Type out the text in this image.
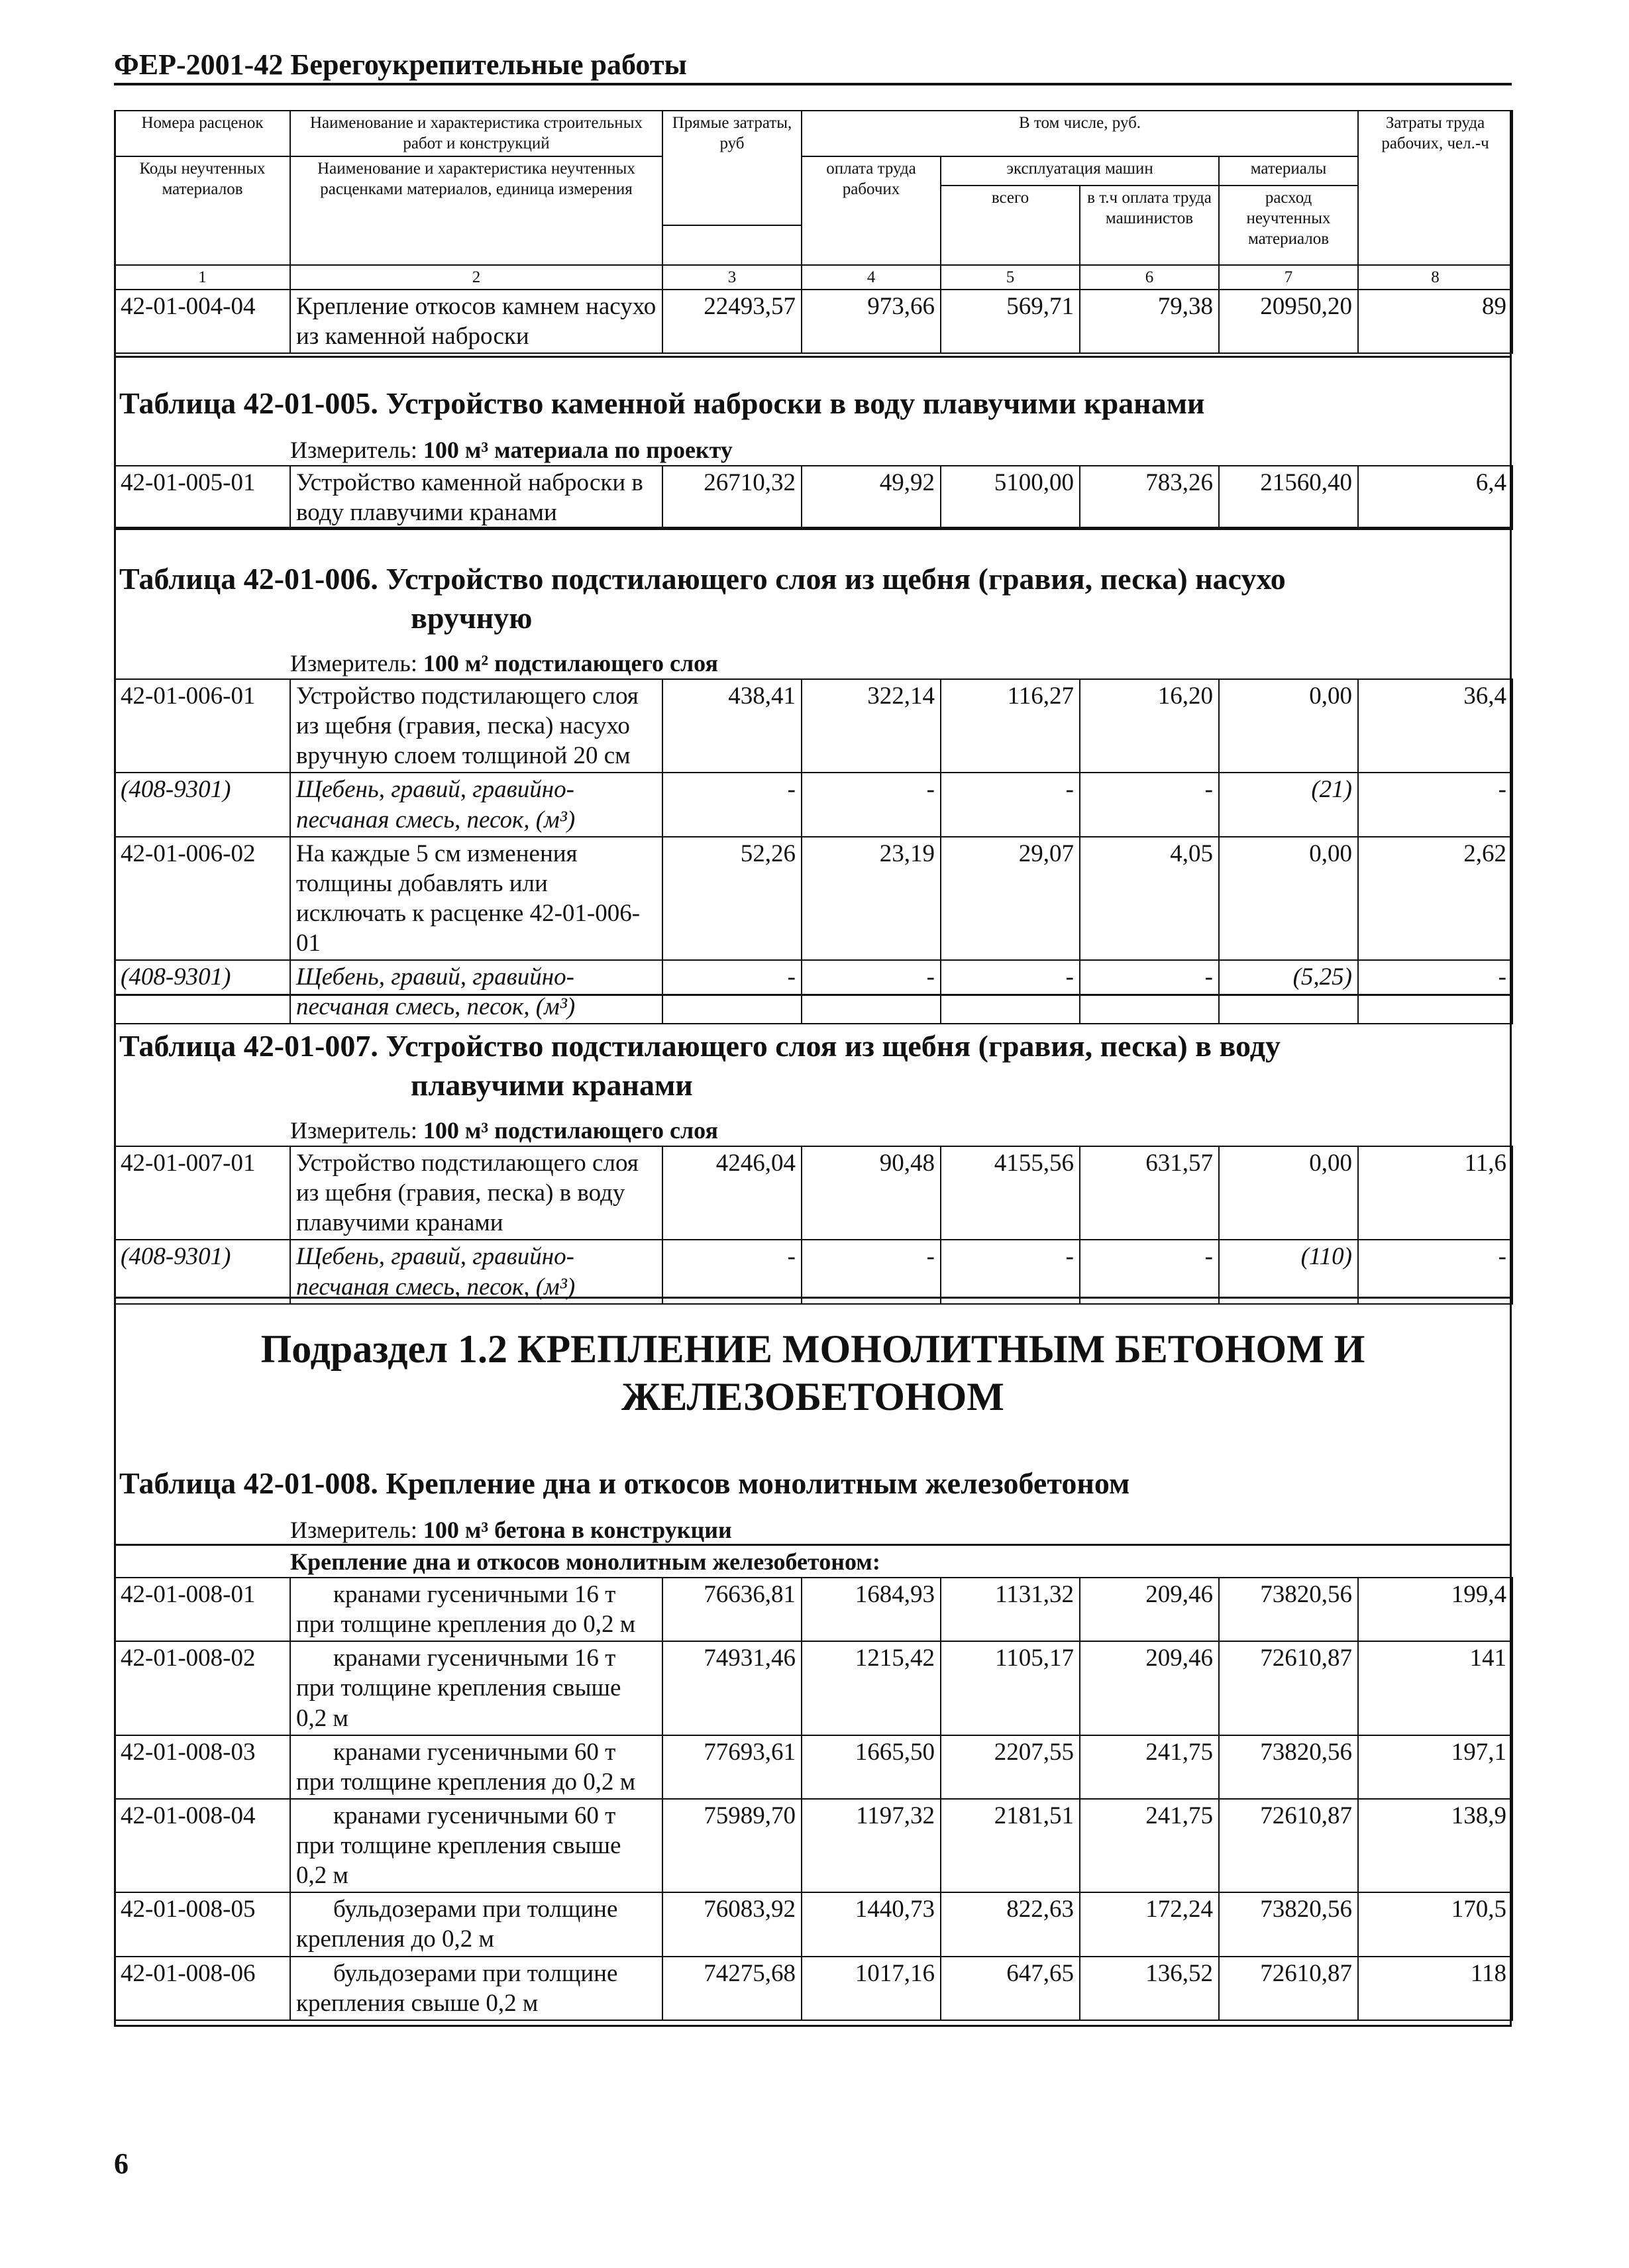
ФЕР-2001-42 Берегоукрепительные работы
Номера расценок	Наименование и характеристика строительных работ и конструкций	Прямые затраты, руб	В том числе, руб.				Затраты труда рабочих, чел.-ч
Коды неучтенных материалов	Наименование и характеристика неучтенных расценками материалов, единица измерения		оплата труда рабочих	эксплуатация машин		материалы	
				всего	в т.ч оплата труда машинистов	расход неучтенных материалов	

1	2	3	4	5	6	7	8
42-01-004-04	Крепление откосов камнем насухо из каменной наброски	22493,57	973,66	569,71	79,38	20950,20	89
Таблица 42-01-005. Устройство каменной наброски в воду плавучими кранами
Измеритель: 100 м³ материала по проекту
42-01-005-01	Устройство каменной наброски в воду плавучими кранами	26710,32	49,92	5100,00	783,26	21560,40	6,4
Таблица 42-01-006. Устройство подстилающего слоя из щебня (гравия, песка) насухо
вручную
Измеритель: 100 м² подстилающего слоя
42-01-006-01	Устройство подстилающего слоя из щебня (гравия, песка) насухо вручную слоем толщиной 20 см	438,41	322,14	116,27	16,20	0,00	36,4
(408-9301)	Щебень, гравий, гравийно-песчаная смесь, песок, (м³)	-	-	-	-	(21)	-
42-01-006-02	На каждые 5 см изменения толщины добавлять или исключать к расценке 42-01-006-01	52,26	23,19	29,07	4,05	0,00	2,62
(408-9301)	Щебень, гравий, гравийно-песчаная смесь, песок, (м³)	-	-	-	-	(5,25)	-
Таблица 42-01-007. Устройство подстилающего слоя из щебня (гравия, песка) в воду
плавучими кранами
Измеритель: 100 м³ подстилающего слоя
42-01-007-01	Устройство подстилающего слоя из щебня (гравия, песка) в воду плавучими кранами	4246,04	90,48	4155,56	631,57	0,00	11,6
(408-9301)	Щебень, гравий, гравийно-песчаная смесь, песок, (м³)	-	-	-	-	(110)	-
Подраздел 1.2 КРЕПЛЕНИЕ МОНОЛИТНЫМ БЕТОНОМ И
ЖЕЛЕЗОБЕТОНОМ
Таблица 42-01-008. Крепление дна и откосов монолитным железобетоном
Измеритель: 100 м³ бетона в конструкции
Крепление дна и откосов монолитным железобетоном:
42-01-008-01	кранами гусеничными 16 т при толщине крепления до 0,2 м	76636,81	1684,93	1131,32	209,46	73820,56	199,4
42-01-008-02	кранами гусеничными 16 т при толщине крепления свыше 0,2 м	74931,46	1215,42	1105,17	209,46	72610,87	141
42-01-008-03	кранами гусеничными 60 т при толщине крепления до 0,2 м	77693,61	1665,50	2207,55	241,75	73820,56	197,1
42-01-008-04	кранами гусеничными 60 т при толщине крепления свыше 0,2 м	75989,70	1197,32	2181,51	241,75	72610,87	138,9
42-01-008-05	бульдозерами при толщине крепления до 0,2 м	76083,92	1440,73	822,63	172,24	73820,56	170,5
42-01-008-06	бульдозерами при толщине крепления свыше 0,2 м	74275,68	1017,16	647,65	136,52	72610,87	118
6
